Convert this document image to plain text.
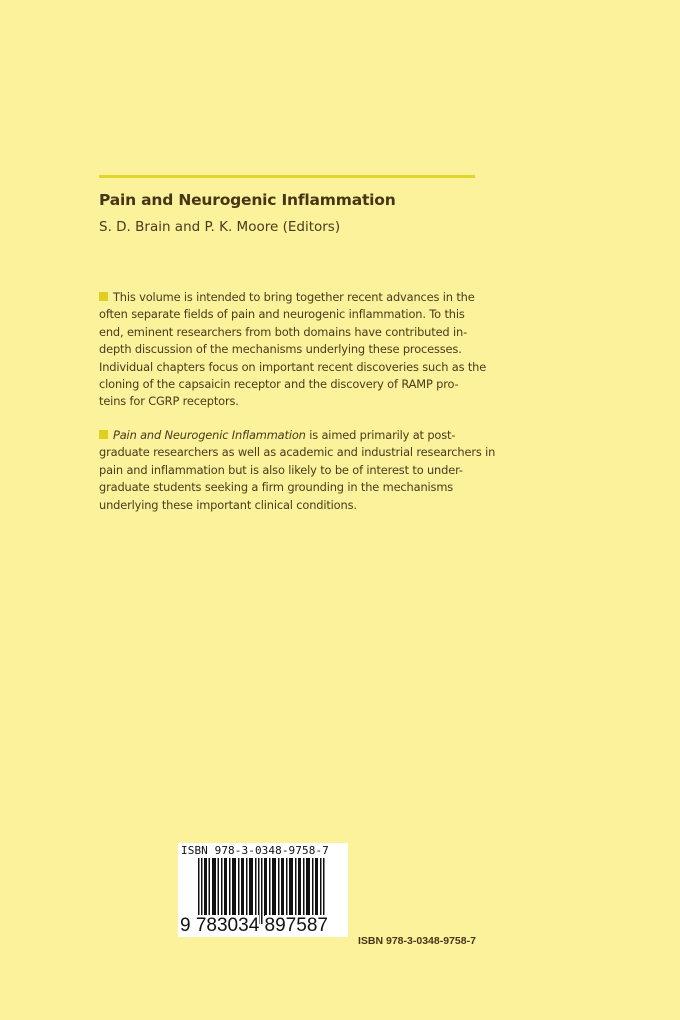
Pain and Neurogenic Inflammation
S. D. Brain and P. K. Moore (Editors)
This volume is intended to bring together recent advances in the
often separate fields of pain and neurogenic inflammation. To this
end, eminent researchers from both domains have contributed in-
depth discussion of the mechanisms underlying these processes.
Individual chapters focus on important recent discoveries such as the
cloning of the capsaicin receptor and the discovery of RAMP pro-
teins for CGRP receptors.
Pain and Neurogenic Inflammation is aimed primarily at post-
graduate researchers as well as academic and industrial researchers in
pain and inflammation but is also likely to be of interest to under-
graduate students seeking a firm grounding in the mechanisms
underlying these important clinical conditions.
ISBN 978-3-0348-9758-7
9 783034 897587
ISBN 978-3-0348-9758-7
